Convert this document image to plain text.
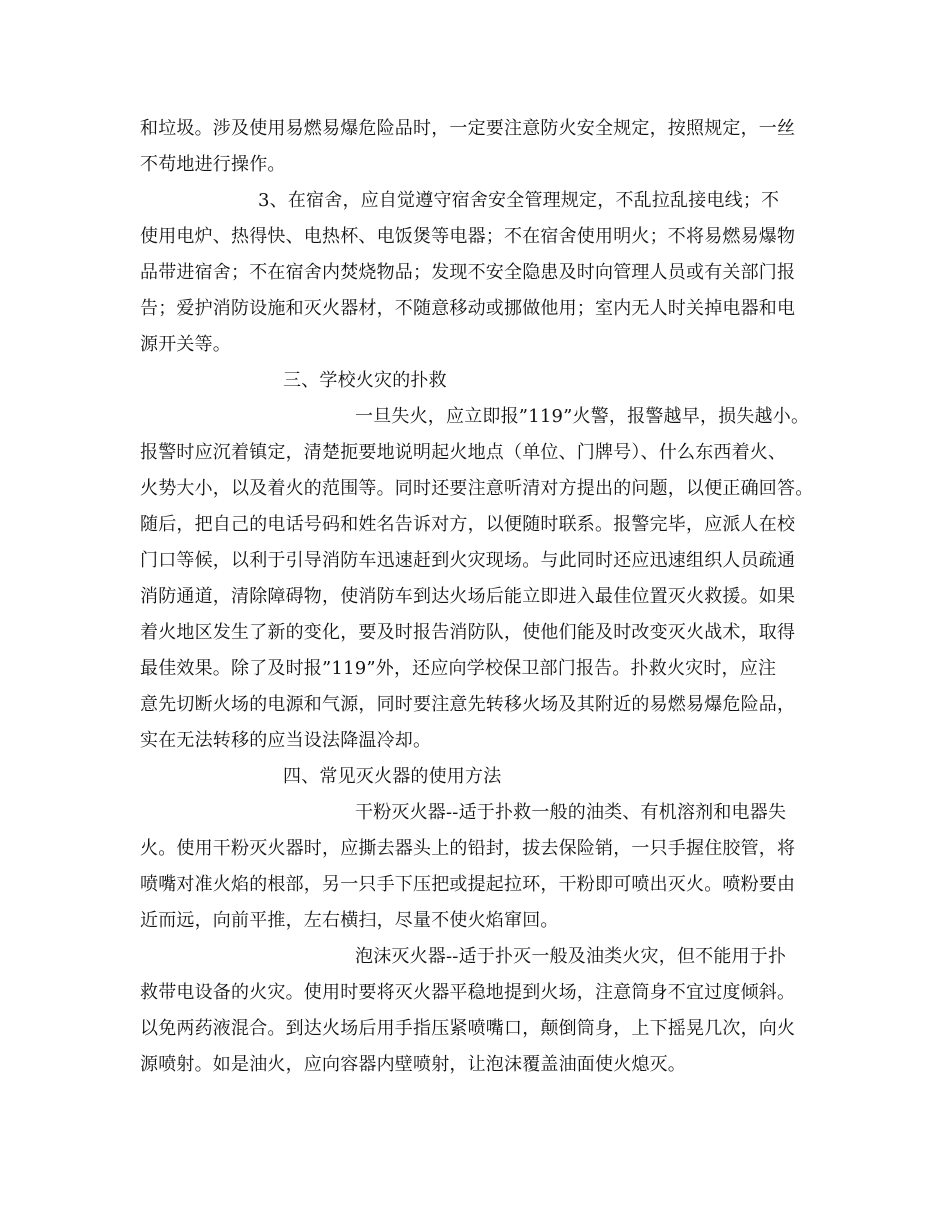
和垃圾。涉及使用易燃易爆危险品时，一定要注意防火安全规定，按照规定，一丝
不苟地进行操作。
3、在宿舍，应自觉遵守宿舍安全管理规定，不乱拉乱接电线；不
使用电炉、热得快、电热杯、电饭煲等电器；不在宿舍使用明火；不将易燃易爆物
品带进宿舍；不在宿舍内焚烧物品；发现不安全隐患及时向管理人员或有关部门报
告；爱护消防设施和灭火器材，不随意移动或挪做他用；室内无人时关掉电器和电
源开关等。
三、学校火灾的扑救
一旦失火，应立即报”119”火警，报警越早，损失越小。
报警时应沉着镇定，清楚扼要地说明起火地点（单位、门牌号）、什么东西着火、
火势大小，以及着火的范围等。同时还要注意听清对方提出的问题，以便正确回答。
随后，把自己的电话号码和姓名告诉对方，以便随时联系。报警完毕，应派人在校
门口等候，以利于引导消防车迅速赶到火灾现场。与此同时还应迅速组织人员疏通
消防通道，清除障碍物，使消防车到达火场后能立即进入最佳位置灭火救援。如果
着火地区发生了新的变化，要及时报告消防队，使他们能及时改变灭火战术，取得
最佳效果。除了及时报”119”外，还应向学校保卫部门报告。扑救火灾时，应注
意先切断火场的电源和气源，同时要注意先转移火场及其附近的易燃易爆危险品，
实在无法转移的应当设法降温冷却。
四、常见灭火器的使用方法
干粉灭火器--适于扑救一般的油类、有机溶剂和电器失
火。使用干粉灭火器时，应撕去器头上的铅封，拔去保险销，一只手握住胶管，将
喷嘴对准火焰的根部，另一只手下压把或提起拉环，干粉即可喷出灭火。喷粉要由
近而远，向前平推，左右横扫，尽量不使火焰窜回。
泡沫灭火器--适于扑灭一般及油类火灾，但不能用于扑
救带电设备的火灾。使用时要将灭火器平稳地提到火场，注意筒身不宜过度倾斜。
以免两药液混合。到达火场后用手指压紧喷嘴口，颠倒筒身，上下摇晃几次，向火
源喷射。如是油火，应向容器内壁喷射，让泡沫覆盖油面使火熄灭。
